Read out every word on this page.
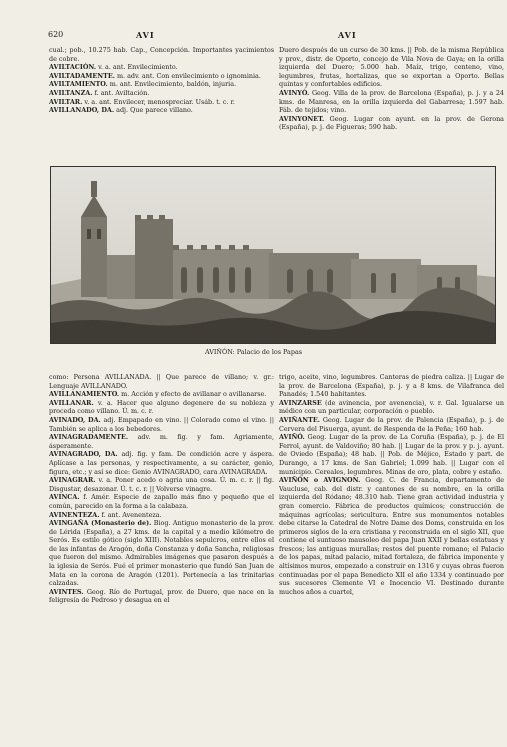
620	AVI	AVI

cual.; pob., 10.275 hab. Cap., Concepción. Importantes yacimientos de cobre.

AVILTACIÓN. v. a. ant. Envilecimiento.

AVILTADAMENTE. m. adv. ant. Con envilecimiento o ignominia.

AVILTAMIENTO. m. ant. Envilecimiento, baldón, injuria.

AVILTANZA. f. ant. Aviltación.

AVILTAR. v. a. ant. Envilecer, menospreciar. Usáb. t. c. r.

AVILLANADO, DA. adj. Que parece villano.

Duero después de un curso de 30 kms. || Pob. de la misma República y prov., distr. de Oporto, concejo de Vila Nova de Gaya; en la orilla izquierda del Duero; 5.000 hab. Maíz, trigo, centeno, vino, legumbres, frutas, hortalizas, que se exportan a Oporto. Bellas quintas y confortables edificios.

AVINYÓ. Geog. Villa de la prov. de Barcelona (España), p. j. y a 24 kms. de Manresa, en la orilla izquierda del Gabarresa; 1.597 hab. Fáb. de tejidos; vino.

AVINYONET. Geog. Lugar con ayunt. en la prov. de Gerona (España), p. j. de Figueras; 590 hab.

AVIÑÓN: Palacio de los Papas

como: Persona AVILLANADA. || Que parece de villano; v. gr.: Lenguaje AVILLANADO.

AVILLANAMIENTO. m. Acción y efecto de avillanar o avillanarse.

AVILLANAR. v. a. Hacer que alguno degenere de su nobleza y proceda como villano. Ú. m. c. r.

AVINADO, DA. adj. Empapado en vino. || Colorado como el vino. || También se aplica a los bebedores.

AVINAGRADAMENTE. adv. m. fig. y fam. Agriamente, ásperamente.

AVINAGRADO, DA. adj. fig. y fam. De condición acre y áspera. Aplícase a las personas, y respectivamente, a su carácter, genio, figura, etc.; y así se dice: Genio AVINAGRADO, cara AVINAGRADA.

AVINAGRAR. v. a. Poner acedo o agria una cosa. Ú. m. c. r. || fig. Disgustar, desazonar. Ú. t. c. r. || Volverse vinagre.

AVINCA. f. Amér. Especie de zapallo más fino y pequeño que el común, parecido en la forma a la calabaza.

AVINENTEZA. f. ant. Avenenteza.

AVINGAÑA (Monasterio de). Biog. Antiguo monasterio de la prov. de Lérida (España), a 27 kms. de la capital y a medio kilómetro de Serós. Es estilo gótico (siglo XIII). Notables sepulcros, entre ellos el de las infantas de Aragón, doña Constanza y doña Sancha, religiosas que fueron del mismo. Admirables imágenes que pasaron después a la iglesia de Serós. Fué el primer monasterio que fundó San Juan de Mata en la corona de Aragón (1201). Pertenecía a las trinitarias calzadas.

AVINTES. Geog. Río de Portugal, prov. de Duero, que nace en la feligresía de Pedroso y desagua en el

trigo, aceite, vino, legumbres. Canteras de piedra caliza. || Lugar de la prov. de Barcelona (España), p. j. y a 8 kms. de Vilafranca del Panadés; 1.540 habitantes.

AVINZARSE (de avinencia, por avenencia), v. r. Gal. Igualarse un médico con un particular, corporación o pueblo.

AVIÑANTE. Geog. Lugar de la prov. de Palencia (España), p. j. de Cervera del Pisuerga, ayunt. de Respenda de la Peña; 160 hab.

AVIÑÓ. Geog. Lugar de la prov. de La Coruña (España), p. j. de El Ferrol, ayunt. de Valdoviño; 80 hab. || Lugar de la prov. y p. j. ayunt. de Oviedo (España); 48 hab. || Pob. de Méjico, Estado y part. de Durango, a 17 kms. de San Gabriel; 1.099 hab. || Lugar con el municipio. Cereales, legumbres. Minas de oro, plata, cobre y estaño.

AVIÑÓN o AVIGNON. Geog. C. de Francia, departamento de Vaucluse, cab. del distr. y cantones de su nombre, en la orilla izquierda del Ródano; 48.310 hab. Tiene gran actividad industria y gran comercio. Fábrica de productos químicos; construcción de máquinas agrícolas; sericultura. Entre sus monumentos notables debe citarse la Catedral de Notre Dame des Doms, construida en los primeros siglos de la era cristiana y reconstruida en el siglo XII, que contiene el suntuoso mausoleo del papa Juan XXII y bellas estatuas y frescos; las antiguas murallas; restos del puente romano; el Palacio de los papas, mitad palacio, mitad fortaleza, de fábrica imponente y altísimos muros, empezado a construir en 1316 y cuyas obras fueron continuadas por el papa Benedicto XII el año 1334 y continuado por sus sucesores Clemente VI e Inocencio VI. Destinado durante muchos años a cuartel,
